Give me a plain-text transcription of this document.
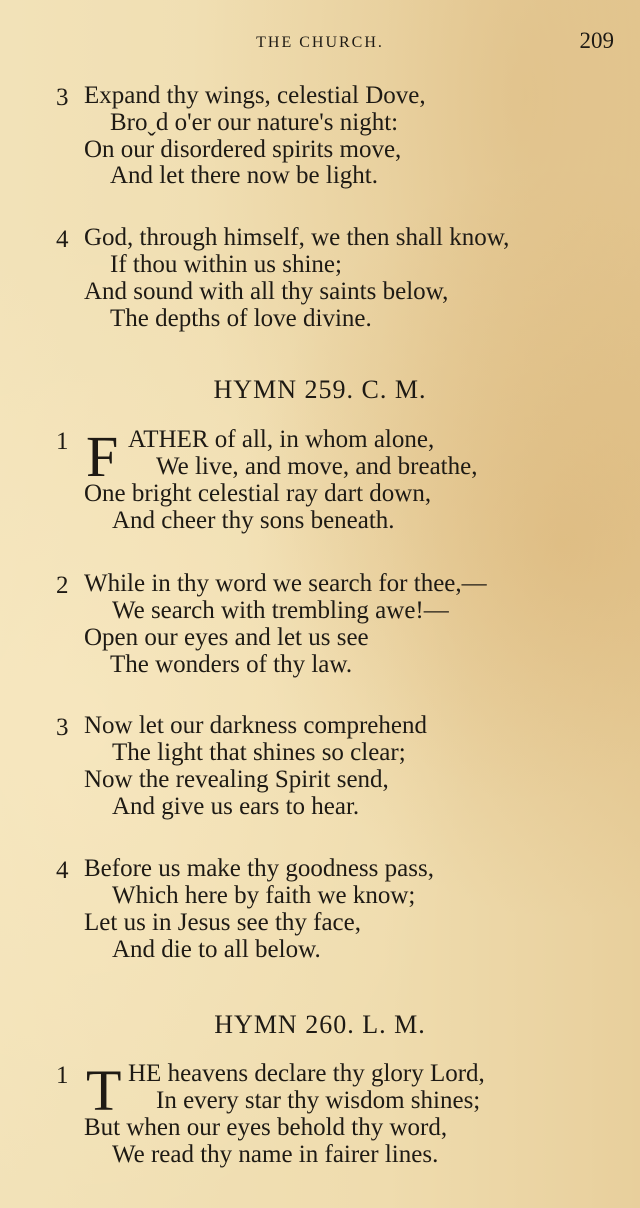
THE CHURCH.	209
3 Expand thy wings, celestial Dove,
Broˬd o'er our nature's night:
On our disordered spirits move,
And let there now be light.
4 God, through himself, we then shall know,
If thou within us shine;
And sound with all thy saints below,
The depths of love divine.
HYMN 259. C. M.
1 F ATHER of all, in whom alone,
We live, and move, and breathe,
One bright celestial ray dart down,
And cheer thy sons beneath.
2 While in thy word we search for thee,—
We search with trembling awe!—
Open our eyes and let us see
The wonders of thy law.
3 Now let our darkness comprehend
The light that shines so clear;
Now the revealing Spirit send,
And give us ears to hear.
4 Before us make thy goodness pass,
Which here by faith we know;
Let us in Jesus see thy face,
And die to all below.
HYMN 260. L. M.
1 T HE heavens declare thy glory Lord,
In every star thy wisdom shines;
But when our eyes behold thy word,
We read thy name in fairer lines.
